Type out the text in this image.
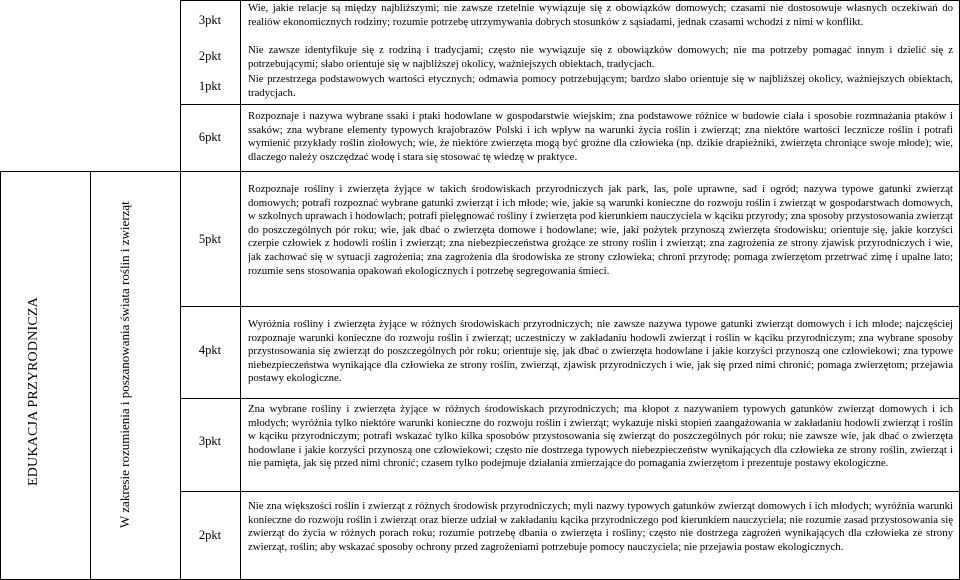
EDUKACJA PRZYRODNICZA	W zakresie rozumienia i poszanowania świata roślin i zwierząt
3pkt
2pkt
1pkt
Wie, jakie relacje są między najbliższymi; nie zawsze rzetelnie wywiązuje się z obowiązków domowych; czasami nie dostosowuje własnych oczekiwań do realiów ekonomicznych rodziny; rozumie potrzebę utrzymywania dobrych stosunków z sąsiadami, jednak czasami wchodzi z nimi w konflikt.
Nie zawsze identyfikuje się z rodziną i tradycjami; często nie wywiązuje się z obowiązków domowych; nie ma potrzeby pomagać innym i dzielić się z potrzebującymi; słabo orientuje się w najbliższej okolicy, ważniejszych obiektach, tradycjach.
Nie przestrzega podstawowych wartości etycznych; odmawia pomocy potrzebującym; bardzo słabo orientuje się w najbliższej okolicy, ważniejszych obiektach, tradycjach.
6pkt
Rozpoznaje i nazywa wybrane ssaki i ptaki hodowlane w gospodarstwie wiejskim; zna podstawowe różnice w budowie ciała i sposobie rozmnażania ptaków i ssaków; zna wybrane elementy typowych krajobrazów Polski i ich wpływ na warunki życia roślin i zwierząt; zna niektóre wartości lecznicze roślin i potrafi wymienić przykłady roślin ziołowych; wie, że niektóre zwierzęta mogą być groźne dla człowieka (np. dzikie drapieżniki, zwierzęta chroniące swoje młode); wie, dlaczego należy oszczędzać wodę i stara się stosować tę wiedzę w praktyce.
5pkt
Rozpoznaje rośliny i zwierzęta żyjące w takich środowiskach przyrodniczych jak park, las, pole uprawne, sad i ogród; nazywa typowe gatunki zwierząt domowych; potrafi rozpoznać wybrane gatunki zwierząt i ich młode; wie, jakie są warunki konieczne do rozwoju roślin i zwierząt w gospodarstwach domowych, w szkolnych uprawach i hodowlach; potrafi pielęgnować rośliny i zwierzęta pod kierunkiem nauczyciela w kąciku przyrody; zna sposoby przystosowania zwierząt do poszczególnych pór roku; wie, jak dbać o zwierzęta domowe i hodowlane; wie, jaki pożytek przynoszą zwierzęta środowisku; orientuje się, jakie korzyści czerpie człowiek z hodowli roślin i zwierząt; zna niebezpieczeństwa grożące ze strony roślin i zwierząt; zna zagrożenia ze strony zjawisk przyrodniczych i wie, jak zachować się w sytuacji zagrożenia; zna zagrożenia dla środowiska ze strony człowieka; chroni przyrodę; pomaga zwierzętom przetrwać zimę i upalne lato; rozumie sens stosowania opakowań ekologicznych i potrzebę segregowania śmieci.
4pkt
Wyróżnia rośliny i zwierzęta żyjące w różnych środowiskach przyrodniczych; nie zawsze nazywa typowe gatunki zwierząt domowych i ich młode; najczęściej rozpoznaje warunki konieczne do rozwoju roślin i zwierząt; uczestniczy w zakładaniu hodowli zwierząt i roślin w kąciku przyrodniczym; zna wybrane sposoby przystosowania się zwierząt do poszczególnych pór roku; orientuje się, jak dbać o zwierzęta hodowlane i jakie korzyści przynoszą one człowiekowi; zna typowe niebezpieczeństwa wynikające dla człowieka ze strony roślin, zwierząt, zjawisk przyrodniczych i wie, jak się przed nimi chronić; pomaga zwierzętom; przejawia postawy ekologiczne.
3pkt
Zna wybrane rośliny i zwierzęta żyjące w różnych środowiskach przyrodniczych; ma kłopot z nazywaniem typowych gatunków zwierząt domowych i ich młodych; wyróżnia tylko niektóre warunki konieczne do rozwoju roślin i zwierząt; wykazuje niski stopień zaangażowania w zakładaniu hodowli zwierząt i roślin w kąciku przyrodniczym; potrafi wskazać tylko kilka sposobów przystosowania się zwierząt do poszczególnych pór roku; nie zawsze wie, jak dbać o zwierzęta hodowlane i jakie korzyści przynoszą one człowiekowi; często nie dostrzega typowych niebezpieczeństw wynikających dla człowieka ze strony roślin, zwierząt i nie pamięta, jak się przed nimi chronić; czasem tylko podejmuje działania zmierzające do pomagania zwierzętom i prezentuje postawy ekologiczne.
2pkt
Nie zna większości roślin i zwierząt z różnych środowisk przyrodniczych; myli nazwy typowych gatunków zwierząt domowych i ich młodych; wyróżnia warunki konieczne do rozwoju roślin i zwierząt oraz bierze udział w zakładaniu kącika przyrodniczego pod kierunkiem nauczyciela; nie rozumie zasad przystosowania się zwierząt do życia w różnych porach roku; rozumie potrzebę dbania o zwierzęta i rośliny; często nie dostrzega zagrożeń wynikających dla człowieka ze strony zwierząt, roślin; aby wskazać sposoby ochrony przed zagrożeniami potrzebuje pomocy nauczyciela; nie przejawia postaw ekologicznych.
